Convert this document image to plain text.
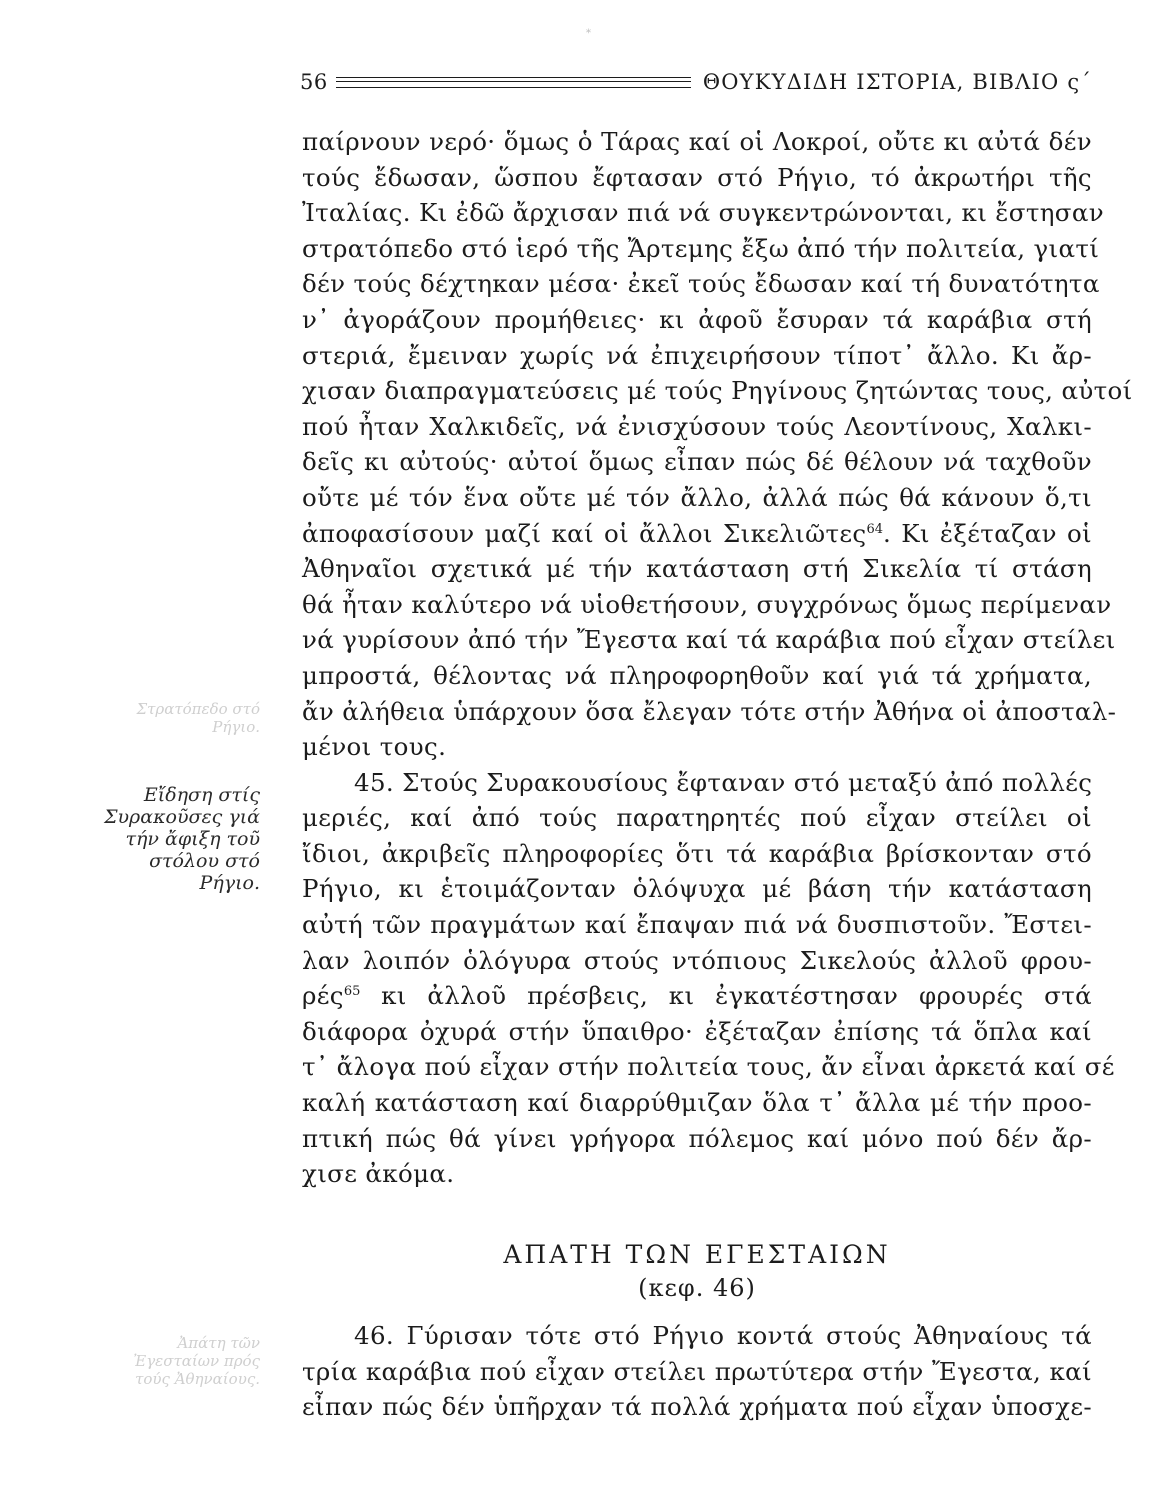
*
56	ΘΟΥΚΥΔΙΔΗ ΙΣΤΟΡΙΑ, ΒΙΒΛΙΟ ς´
Στρατόπεδο στό Ρήγιο.
Εἴδηση στίς Συρακοῦσες γιά τήν ἄφιξη τοῦ στόλου στό Ρήγιο.
Ἀπάτη τῶν Ἐγεσταίων πρός τούς Ἀθηναίους.
παίρνουν νερό· ὅμως ὁ Τάρας καί οἱ Λοκροί, οὔτε κι αὐτά δέν
τούς ἔδωσαν, ὥσπου ἔφτασαν στό Ρήγιο, τό ἀκρωτήρι τῆς
Ἰταλίας. Κι ἐδῶ ἄρχισαν πιά νά συγκεντρώνονται, κι ἔστησαν
στρατόπεδο στό ἱερό τῆς Ἄρτεμης ἔξω ἀπό τήν πολιτεία, γιατί
δέν τούς δέχτηκαν μέσα· ἐκεῖ τούς ἔδωσαν καί τή δυνατότητα
ν᾿ ἀγοράζουν προμήθειες· κι ἀφοῦ ἔσυραν τά καράβια στή
στεριά, ἔμειναν χωρίς νά ἐπιχειρήσουν τίποτ᾿ ἄλλο. Κι ἄρ-
χισαν διαπραγματεύσεις μέ τούς Ρηγίνους ζητώντας τους, αὐτοί
πού ἦταν Χαλκιδεῖς, νά ἐνισχύσουν τούς Λεοντίνους, Χαλκι-
δεῖς κι αὐτούς· αὐτοί ὅμως εἶπαν πώς δέ θέλουν νά ταχθοῦν
οὔτε μέ τόν ἕνα οὔτε μέ τόν ἄλλο, ἀλλά πώς θά κάνουν ὅ,τι
ἀποφασίσουν μαζί καί οἱ ἄλλοι Σικελιῶτες$^{64}$. Κι ἐξέταζαν οἱ
Ἀθηναῖοι σχετικά μέ τήν κατάσταση στή Σικελία τί στάση
θά ἦταν καλύτερο νά υἱοθετήσουν, συγχρόνως ὅμως περίμεναν
νά γυρίσουν ἀπό τήν Ἔγεστα καί τά καράβια πού εἶχαν στείλει
μπροστά, θέλοντας νά πληροφορηθοῦν καί γιά τά χρήματα,
ἄν ἀλήθεια ὑπάρχουν ὅσα ἔλεγαν τότε στήν Ἀθήνα οἱ ἀποσταλ-
μένοι τους.
45. Στούς Συρακουσίους ἔφταναν στό μεταξύ ἀπό πολλές
μεριές, καί ἀπό τούς παρατηρητές πού εἶχαν στείλει οἱ
ἴδιοι, ἀκριβεῖς πληροφορίες ὅτι τά καράβια βρίσκονταν στό
Ρήγιο, κι ἑτοιμάζονταν ὁλόψυχα μέ βάση τήν κατάσταση
αὐτή τῶν πραγμάτων καί ἔπαψαν πιά νά δυσπιστοῦν. Ἔστει-
λαν λοιπόν ὁλόγυρα στούς ντόπιους Σικελούς ἀλλοῦ φρου-
ρές$^{65}$ κι ἀλλοῦ πρέσβεις, κι ἐγκατέστησαν φρουρές στά
διάφορα ὀχυρά στήν ὕπαιθρο· ἐξέταζαν ἐπίσης τά ὅπλα καί
τ᾿ ἄλογα πού εἶχαν στήν πολιτεία τους, ἄν εἶναι ἀρκετά καί σέ
καλή κατάσταση καί διαρρύθμιζαν ὅλα τ᾿ ἄλλα μέ τήν προο-
πτική πώς θά γίνει γρήγορα πόλεμος καί μόνο πού δέν ἄρ-
χισε ἀκόμα.
ΑΠΑΤΗ ΤΩΝ ΕΓΕΣΤΑΙΩΝ
(κεφ. 46)
46. Γύρισαν τότε στό Ρήγιο κοντά στούς Ἀθηναίους τά
τρία καράβια πού εἶχαν στείλει πρωτύτερα στήν Ἔγεστα, καί
εἶπαν πώς δέν ὑπῆρχαν τά πολλά χρήματα πού εἶχαν ὑποσχε-
